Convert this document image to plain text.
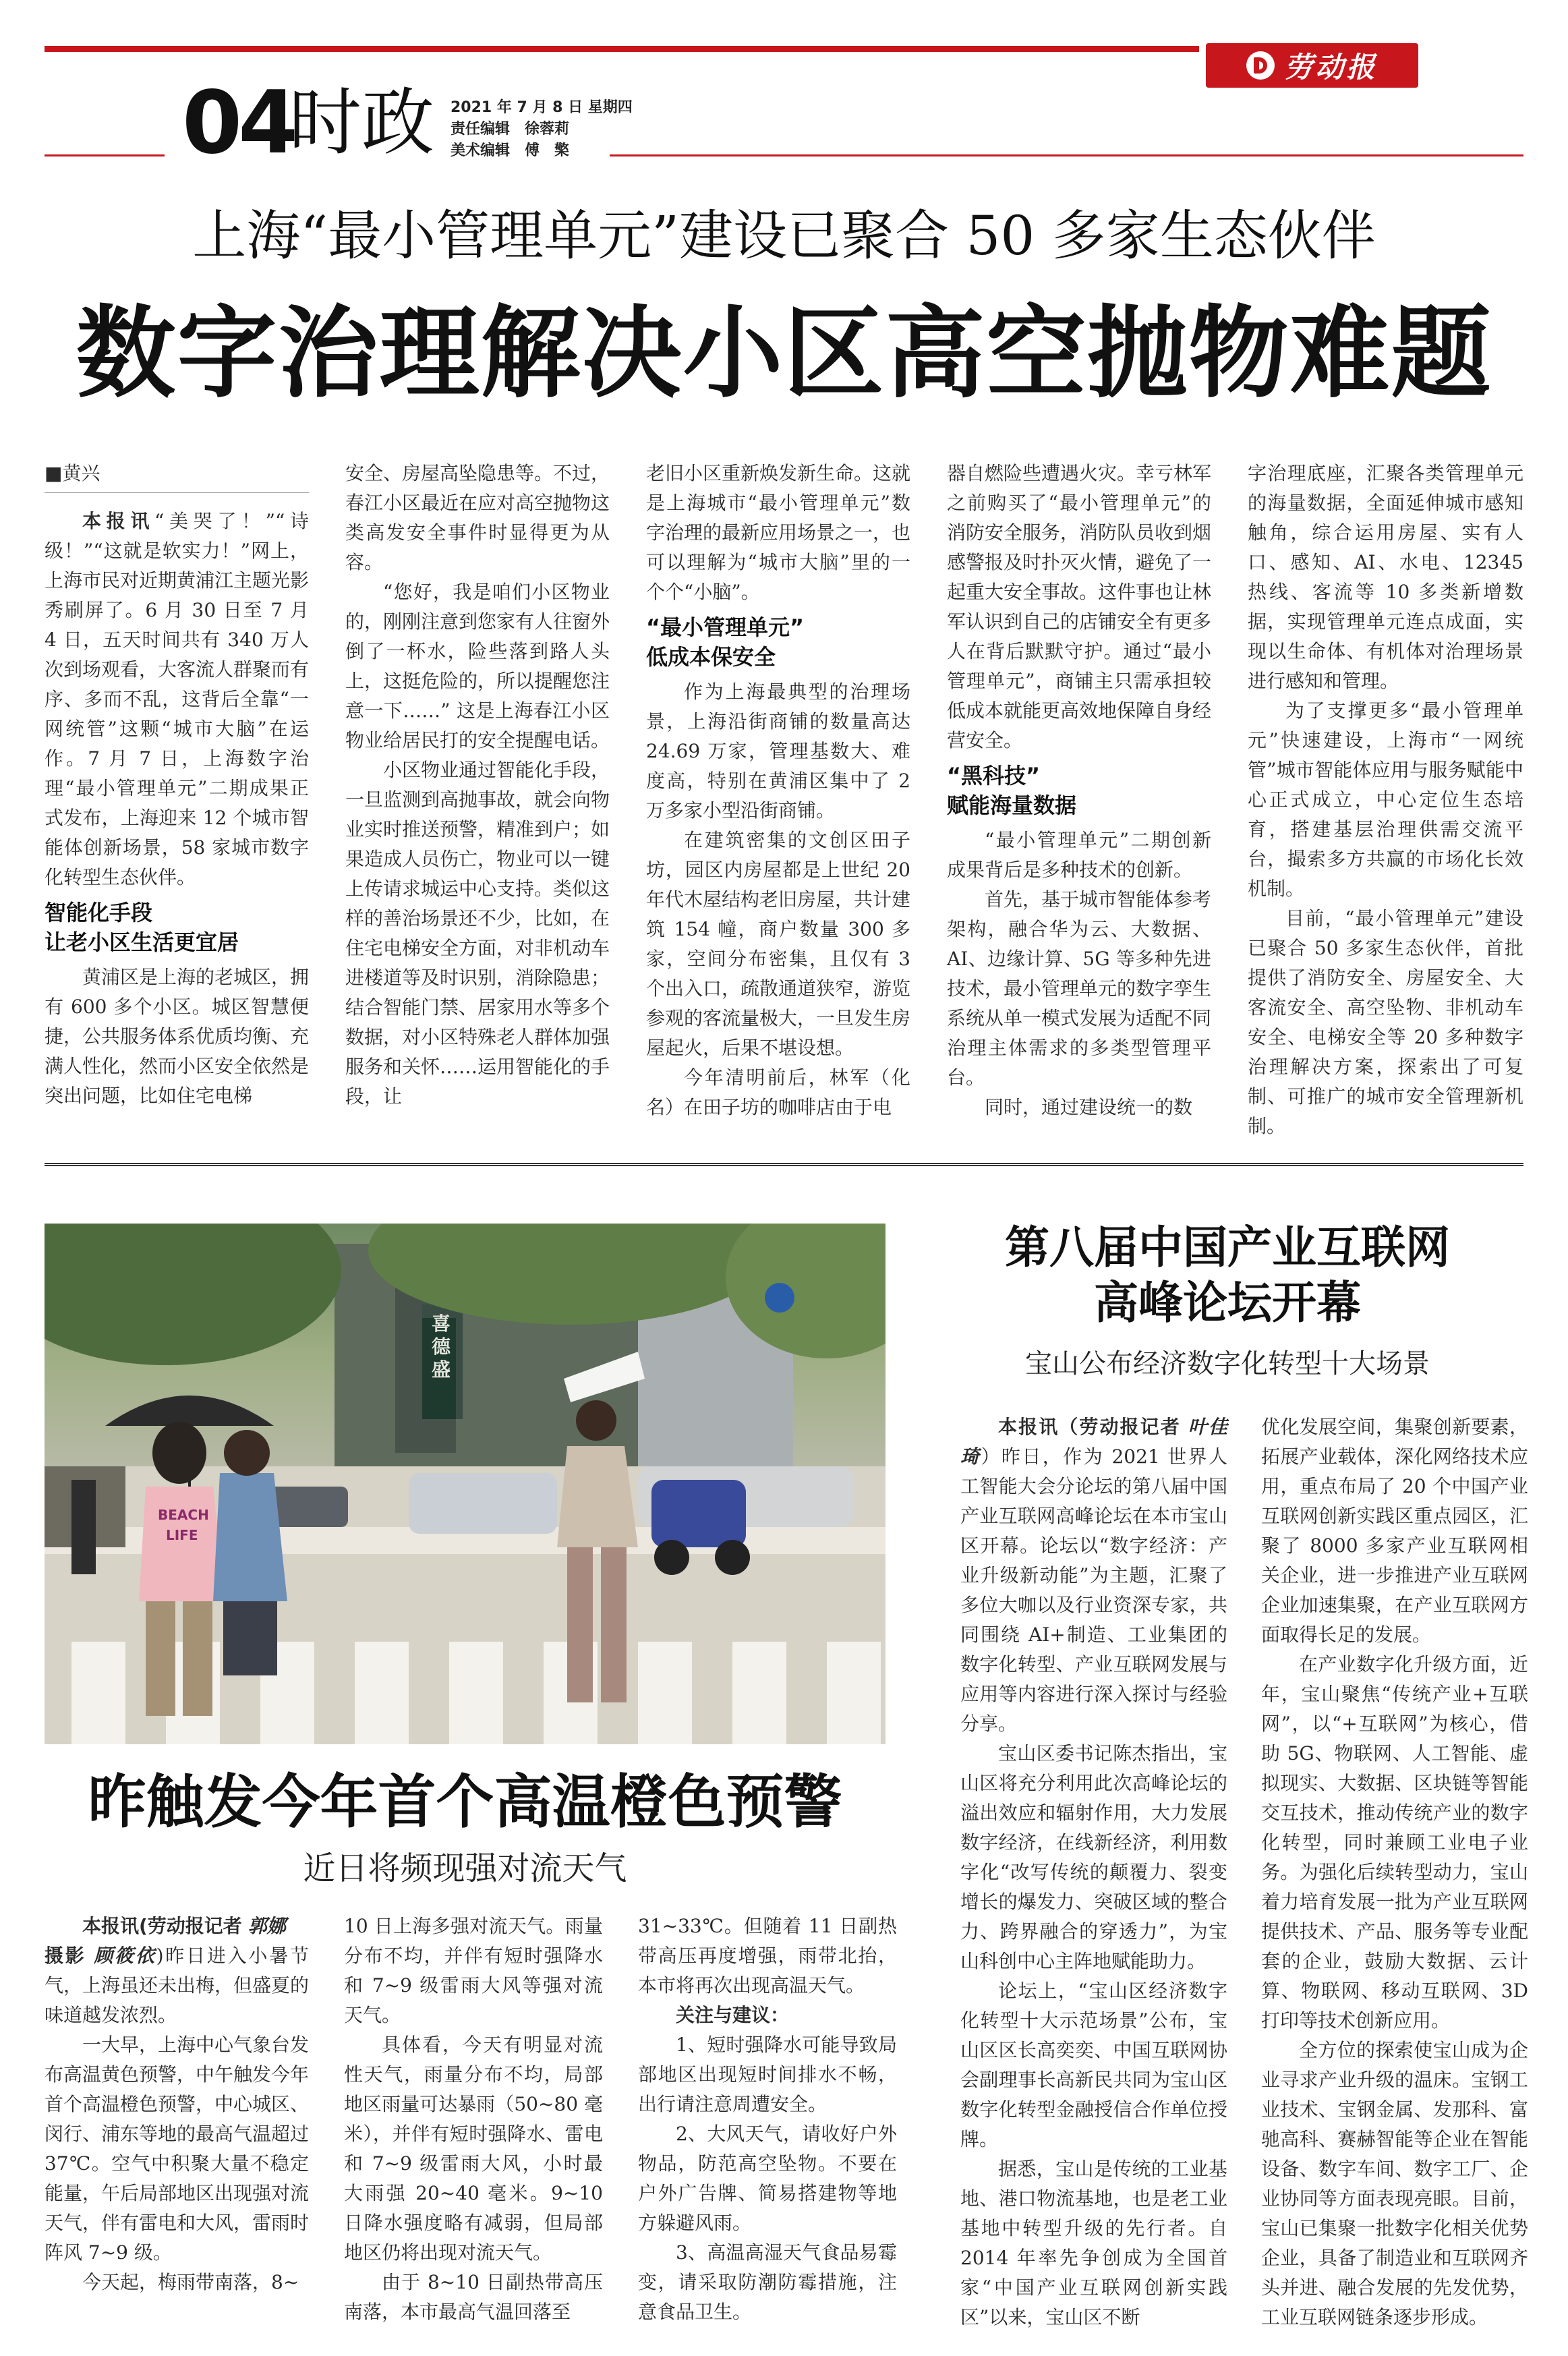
劳动报
04
时政 2021 年 7 月 8 日 星期四
责任编辑　徐蓉莉
美术编辑　傅　檠
上海“最小管理单元”建设已聚合 50 多家生态伙伴
数字治理解决小区高空抛物难题

■黄兴

本报讯“美哭了！”“诗级！”“这就是软实力！”网上，上海市民对近期黄浦江主题光影秀刷屏了。6 月 30 日至 7 月 4 日，五天时间共有 340 万人次到场观看，大客流人群聚而有序、多而不乱，这背后全靠“一网统管”这颗“城市大脑”在运作。7 月 7 日，上海数字治理“最小管理单元”二期成果正式发布，上海迎来 12 个城市智能体创新场景，58 家城市数字化转型生态伙伴。

智能化手段
让老小区生活更宜居

黄浦区是上海的老城区，拥有 600 多个小区。城区智慧便捷，公共服务体系优质均衡、充满人性化，然而小区安全依然是突出问题，比如住宅电梯

安全、房屋高坠隐患等。不过，春江小区最近在应对高空抛物这类高发安全事件时显得更为从容。

“您好，我是咱们小区物业的，刚刚注意到您家有人往窗外倒了一杯水，险些落到路人头上，这挺危险的，所以提醒您注意一下……” 这是上海春江小区物业给居民打的安全提醒电话。

小区物业通过智能化手段，一旦监测到高抛事故，就会向物业实时推送预警，精准到户；如果造成人员伤亡，物业可以一键上传请求城运中心支持。类似这样的善治场景还不少，比如，在住宅电梯安全方面，对非机动车进楼道等及时识别，消除隐患；结合智能门禁、居家用水等多个数据，对小区特殊老人群体加强服务和关怀……运用智能化的手段，让

老旧小区重新焕发新生命。这就是上海城市“最小管理单元”数字治理的最新应用场景之一，也可以理解为“城市大脑”里的一个个“小脑”。

“最小管理单元”
低成本保安全

作为上海最典型的治理场景，上海沿街商铺的数量高达 24.69 万家，管理基数大、难度高，特别在黄浦区集中了 2 万多家小型沿街商铺。

在建筑密集的文创区田子坊，园区内房屋都是上世纪 20 年代木屋结构老旧房屋，共计建筑 154 幢，商户数量 300 多家，空间分布密集，且仅有 3 个出入口，疏散通道狭窄，游览参观的客流量极大，一旦发生房屋起火，后果不堪设想。

今年清明前后，林军（化名）在田子坊的咖啡店由于电

器自燃险些遭遇火灾。幸亏林军之前购买了“最小管理单元”的消防安全服务，消防队员收到烟感警报及时扑灭火情，避免了一起重大安全事故。这件事也让林军认识到自己的店铺安全有更多人在背后默默守护。通过“最小管理单元”，商铺主只需承担较低成本就能更高效地保障自身经营安全。

“黑科技”
赋能海量数据

“最小管理单元”二期创新成果背后是多种技术的创新。

首先，基于城市智能体参考架构，融合华为云、大数据、AI、边缘计算、5G 等多种先进技术，最小管理单元的数字孪生系统从单一模式发展为适配不同治理主体需求的多类型管理平台。

同时，通过建设统一的数

字治理底座，汇聚各类管理单元的海量数据，全面延伸城市感知触角，综合运用房屋、实有人口、感知、AI、水电、12345 热线、客流等 10 多类新增数据，实现管理单元连点成面，实现以生命体、有机体对治理场景进行感知和管理。

为了支撑更多“最小管理单元”快速建设，上海市“一网统管”城市智能体应用与服务赋能中心正式成立，中心定位生态培育，搭建基层治理供需交流平台，撮索多方共赢的市场化长效机制。

目前，“最小管理单元”建设已聚合 50 多家生态伙伴，首批提供了消防安全、房屋安全、大客流安全、高空坠物、非机动车安全、电梯安全等 20 多种数字治理解决方案，探索出了可复制、可推广的城市安全管理新机制。

喜德盛
BEACH
LIFE
昨触发今年首个高温橙色预警
近日将频现强对流天气

本报讯(劳动报记者 郭娜
摄影 顾筱依)昨日进入小暑节气，上海虽还未出梅，但盛夏的味道越发浓烈。

一大早，上海中心气象台发布高温黄色预警，中午触发今年首个高温橙色预警，中心城区、闵行、浦东等地的最高气温超过 37℃。空气中积聚大量不稳定能量，午后局部地区出现强对流天气，伴有雷电和大风，雷雨时阵风 7~9 级。

今天起，梅雨带南落，8~

10 日上海多强对流天气。雨量分布不均，并伴有短时强降水和 7~9 级雷雨大风等强对流天气。

具体看，今天有明显对流性天气，雨量分布不均，局部地区雨量可达暴雨（50~80 毫米），并伴有短时强降水、雷电和 7~9 级雷雨大风，小时最大雨强 20~40 毫米。9~10 日降水强度略有减弱，但局部地区仍将出现对流天气。

由于 8~10 日副热带高压南落，本市最高气温回落至

31~33℃。但随着 11 日副热带高压再度增强，雨带北抬，本市将再次出现高温天气。

关注与建议：

1、短时强降水可能导致局部地区出现短时间排水不畅，出行请注意周遭安全。

2、大风天气，请收好户外物品，防范高空坠物。不要在户外广告牌、简易搭建物等地方躲避风雨。

3、高温高湿天气食品易霉变，请采取防潮防霉措施，注意食品卫生。

第八届中国产业互联网
高峰论坛开幕
宝山公布经济数字化转型十大场景

本报讯（劳动报记者 叶佳琦）昨日，作为 2021 世界人工智能大会分论坛的第八届中国产业互联网高峰论坛在本市宝山区开幕。论坛以“数字经济：产业升级新动能”为主题，汇聚了多位大咖以及行业资深专家，共同围绕 AI+制造、工业集团的数字化转型、产业互联网发展与应用等内容进行深入探讨与经验分享。

宝山区委书记陈杰指出，宝山区将充分利用此次高峰论坛的溢出效应和辐射作用，大力发展数字经济，在线新经济，利用数字化“改写传统的颠覆力、裂变增长的爆发力、突破区域的整合力、跨界融合的穿透力”，为宝山科创中心主阵地赋能助力。

论坛上，“宝山区经济数字化转型十大示范场景”公布，宝山区区长高奕奕、中国互联网协会副理事长高新民共同为宝山区数字化转型金融授信合作单位授牌。

据悉，宝山是传统的工业基地、港口物流基地，也是老工业基地中转型升级的先行者。自 2014 年率先争创成为全国首家“中国产业互联网创新实践区”以来，宝山区不断

优化发展空间，集聚创新要素，拓展产业载体，深化网络技术应用，重点布局了 20 个中国产业互联网创新实践区重点园区，汇聚了 8000 多家产业互联网相关企业，进一步推进产业互联网企业加速集聚，在产业互联网方面取得长足的发展。

在产业数字化升级方面，近年，宝山聚焦“传统产业+互联网”，以“+互联网”为核心，借助 5G、物联网、人工智能、虚拟现实、大数据、区块链等智能交互技术，推动传统产业的数字化转型，同时兼顾工业电子业务。为强化后续转型动力，宝山着力培育发展一批为产业互联网提供技术、产品、服务等专业配套的企业，鼓励大数据、云计算、物联网、移动互联网、3D 打印等技术创新应用。

全方位的探索使宝山成为企业寻求产业升级的温床。宝钢工业技术、宝钢金属、发那科、富驰高科、赛赫智能等企业在智能设备、数字车间、数字工厂、企业协同等方面表现亮眼。目前，宝山已集聚一批数字化相关优势企业，具备了制造业和互联网齐头并进、融合发展的先发优势，工业互联网链条逐步形成。
